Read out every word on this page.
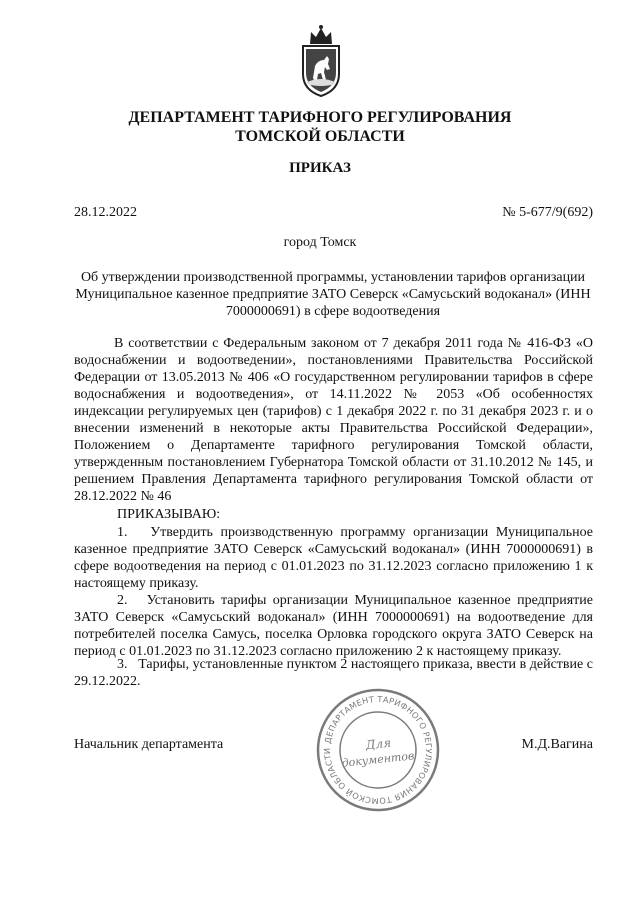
ДЕПАРТАМЕНТ ТАРИФНОГО РЕГУЛИРОВАНИЯ
ТОМСКОЙ ОБЛАСТИ
ПРИКАЗ
28.12.2022	№ 5-677/9(692)
город Томск
Об утверждении производственной программы, установлении тарифов организации Муниципальное казенное предприятие ЗАТО Северск «Самусьский водоканал» (ИНН 7000000691) в сфере водоотведения
В соответствии с Федеральным законом от 7 декабря 2011 года № 416-ФЗ «О водоснабжении и водоотведении», постановлениями Правительства Российской Федерации от 13.05.2013 № 406 «О государственном регулировании тарифов в сфере водоснабжения и водоотведения», от 14.11.2022 № 2053 «Об особенностях индексации регулируемых цен (тарифов) с 1 декабря 2022 г. по 31 декабря 2023 г. и о внесении изменений в некоторые акты Правительства Российской Федерации», Положением о Департаменте тарифного регулирования Томской области, утвержденным постановлением Губернатора Томской области от 31.10.2012 № 145, и решением Правления Департамента тарифного регулирования Томской области от 28.12.2022 № 46
ПРИКАЗЫВАЮ:
1. Утвердить производственную программу организации Муниципальное казенное предприятие ЗАТО Северск «Самусьский водоканал» (ИНН 7000000691) в сфере водоотведения на период с 01.01.2023 по 31.12.2023 согласно приложению 1 к настоящему приказу.
2. Установить тарифы организации Муниципальное казенное предприятие ЗАТО Северск «Самусьский водоканал» (ИНН 7000000691) на водоотведение для потребителей поселка Самусь, поселка Орловка городского округа ЗАТО Северск на период с 01.01.2023 по 31.12.2023 согласно приложению 2 к настоящему приказу.
3. Тарифы, установленные пунктом 2 настоящего приказа, ввести в действие с 29.12.2022.
Начальник департамента	М.Д.Вагина
ДЕПАРТАМЕНТ ТАРИФНОГО РЕГУЛИРОВАНИЯ ТОМСКОЙ ОБЛАСТИ	Для
документов
